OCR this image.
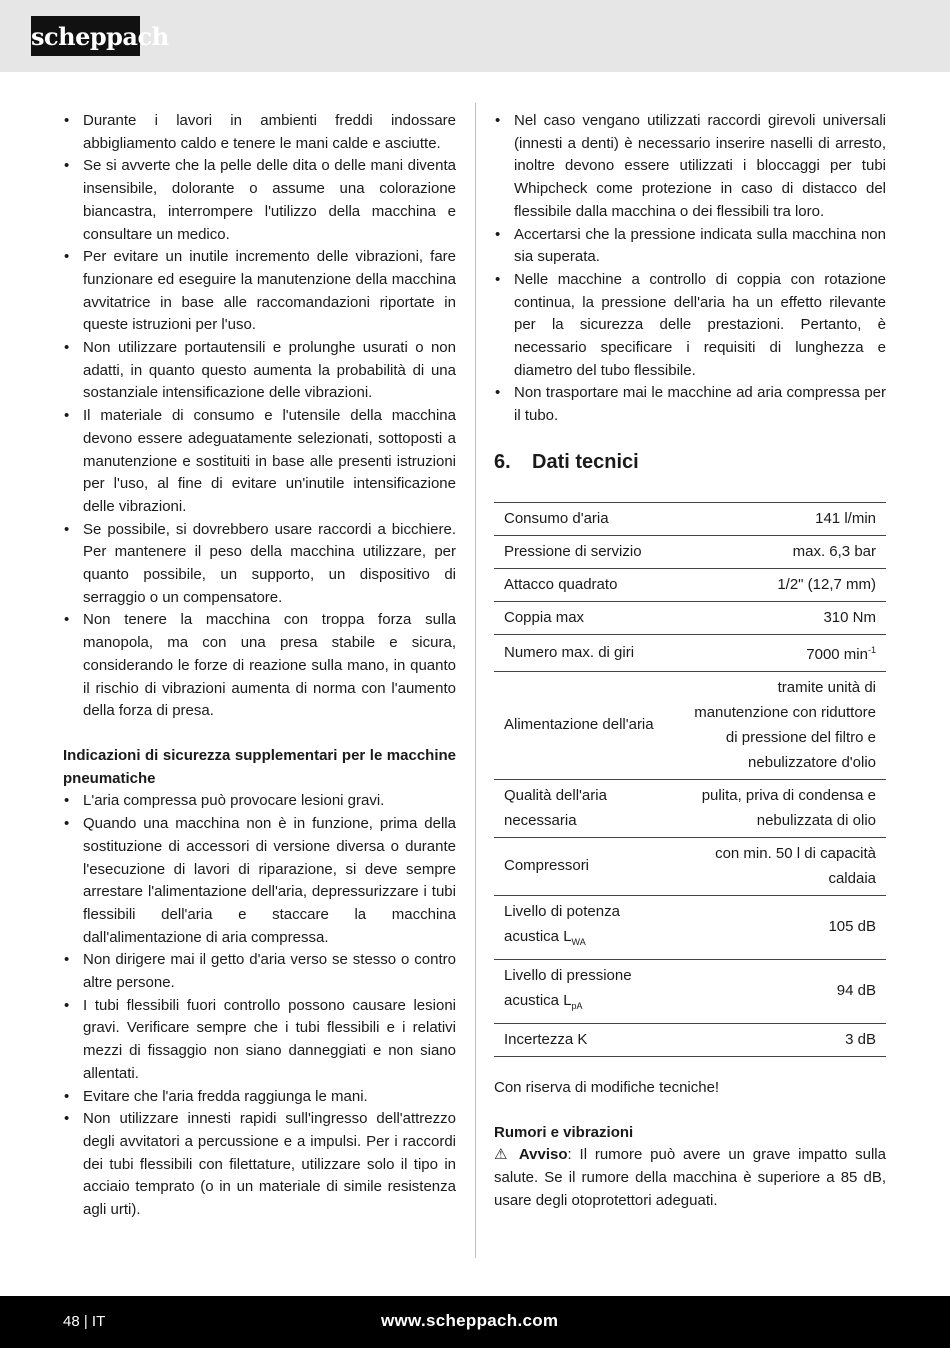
scheppach
• Durante i lavori in ambienti freddi indossare abbigliamento caldo e tenere le mani calde e asciutte.
• Se si avverte che la pelle delle dita o delle mani diventa insensibile, dolorante o assume una colorazione biancastra, interrompere l'utilizzo della macchina e consultare un medico.
• Per evitare un inutile incremento delle vibrazioni, fare funzionare ed eseguire la manutenzione della macchina avvitatrice in base alle raccomandazioni riportate in queste istruzioni per l'uso.
• Non utilizzare portautensili e prolunghe usurati o non adatti, in quanto questo aumenta la probabilità di una sostanziale intensificazione delle vibrazioni.
• Il materiale di consumo e l'utensile della macchina devono essere adeguatamente selezionati, sottoposti a manutenzione e sostituiti in base alle presenti istruzioni per l'uso, al fine di evitare un'inutile intensificazione delle vibrazioni.
• Se possibile, si dovrebbero usare raccordi a bicchiere. Per mantenere il peso della macchina utilizzare, per quanto possibile, un supporto, un dispositivo di serraggio o un compensatore.
• Non tenere la macchina con troppa forza sulla manopola, ma con una presa stabile e sicura, considerando le forze di reazione sulla mano, in quanto il rischio di vibrazioni aumenta di norma con l'aumento della forza di presa.
Indicazioni di sicurezza supplementari per le macchine pneumatiche
• L'aria compressa può provocare lesioni gravi.
• Quando una macchina non è in funzione, prima della sostituzione di accessori di versione diversa o durante l'esecuzione di lavori di riparazione, si deve sempre arrestare l'alimentazione dell'aria, depressurizzare i tubi flessibili dell'aria e staccare la macchina dall'alimentazione di aria compressa.
• Non dirigere mai il getto d'aria verso se stesso o contro altre persone.
• I tubi flessibili fuori controllo possono causare lesioni gravi. Verificare sempre che i tubi flessibili e i relativi mezzi di fissaggio non siano danneggiati e non siano allentati.
• Evitare che l'aria fredda raggiunga le mani.
• Non utilizzare innesti rapidi sull'ingresso dell'attrezzo degli avvitatori a percussione e a impulsi. Per i raccordi dei tubi flessibili con filettature, utilizzare solo il tipo in acciaio temprato (o in un materiale di simile resistenza agli urti).
• Nel caso vengano utilizzati raccordi girevoli universali (innesti a denti) è necessario inserire naselli di arresto, inoltre devono essere utilizzati i bloccaggi per tubi Whipcheck come protezione in caso di distacco del flessibile dalla macchina o dei flessibili tra loro.
• Accertarsi che la pressione indicata sulla macchina non sia superata.
• Nelle macchine a controllo di coppia con rotazione continua, la pressione dell'aria ha un effetto rilevante per la sicurezza delle prestazioni. Pertanto, è necessario specificare i requisiti di lunghezza e diametro del tubo flessibile.
• Non trasportare mai le macchine ad aria compressa per il tubo.
6. Dati tecnici
Consumo d'aria	141 l/min
Pressione di servizio	max. 6,3 bar
Attacco quadrato	1/2" (12,7 mm)
Coppia max	310 Nm
Numero max. di giri	7000 $\min^{-1}$
Alimentazione dell'aria	tramite unità di manutenzione con riduttore di pressione del filtro e nebulizzatore d'olio
Qualità dell'aria necessaria	pulita, priva di condensa e nebulizzata di olio
Compressori	con min. 50 l di capacità caldaia
Livello di potenza acustica $L_{WA}$	105 dB
Livello di pressione acustica $L_{pA}$	94 dB
Incertezza K	3 dB
Con riserva di modifiche tecniche!
Rumori e vibrazioni
⚠ Avviso: Il rumore può avere un grave impatto sulla salute. Se il rumore della macchina è superiore a 85 dB, usare degli otoprotettori adeguati.
48 | IT	www.scheppach.com
